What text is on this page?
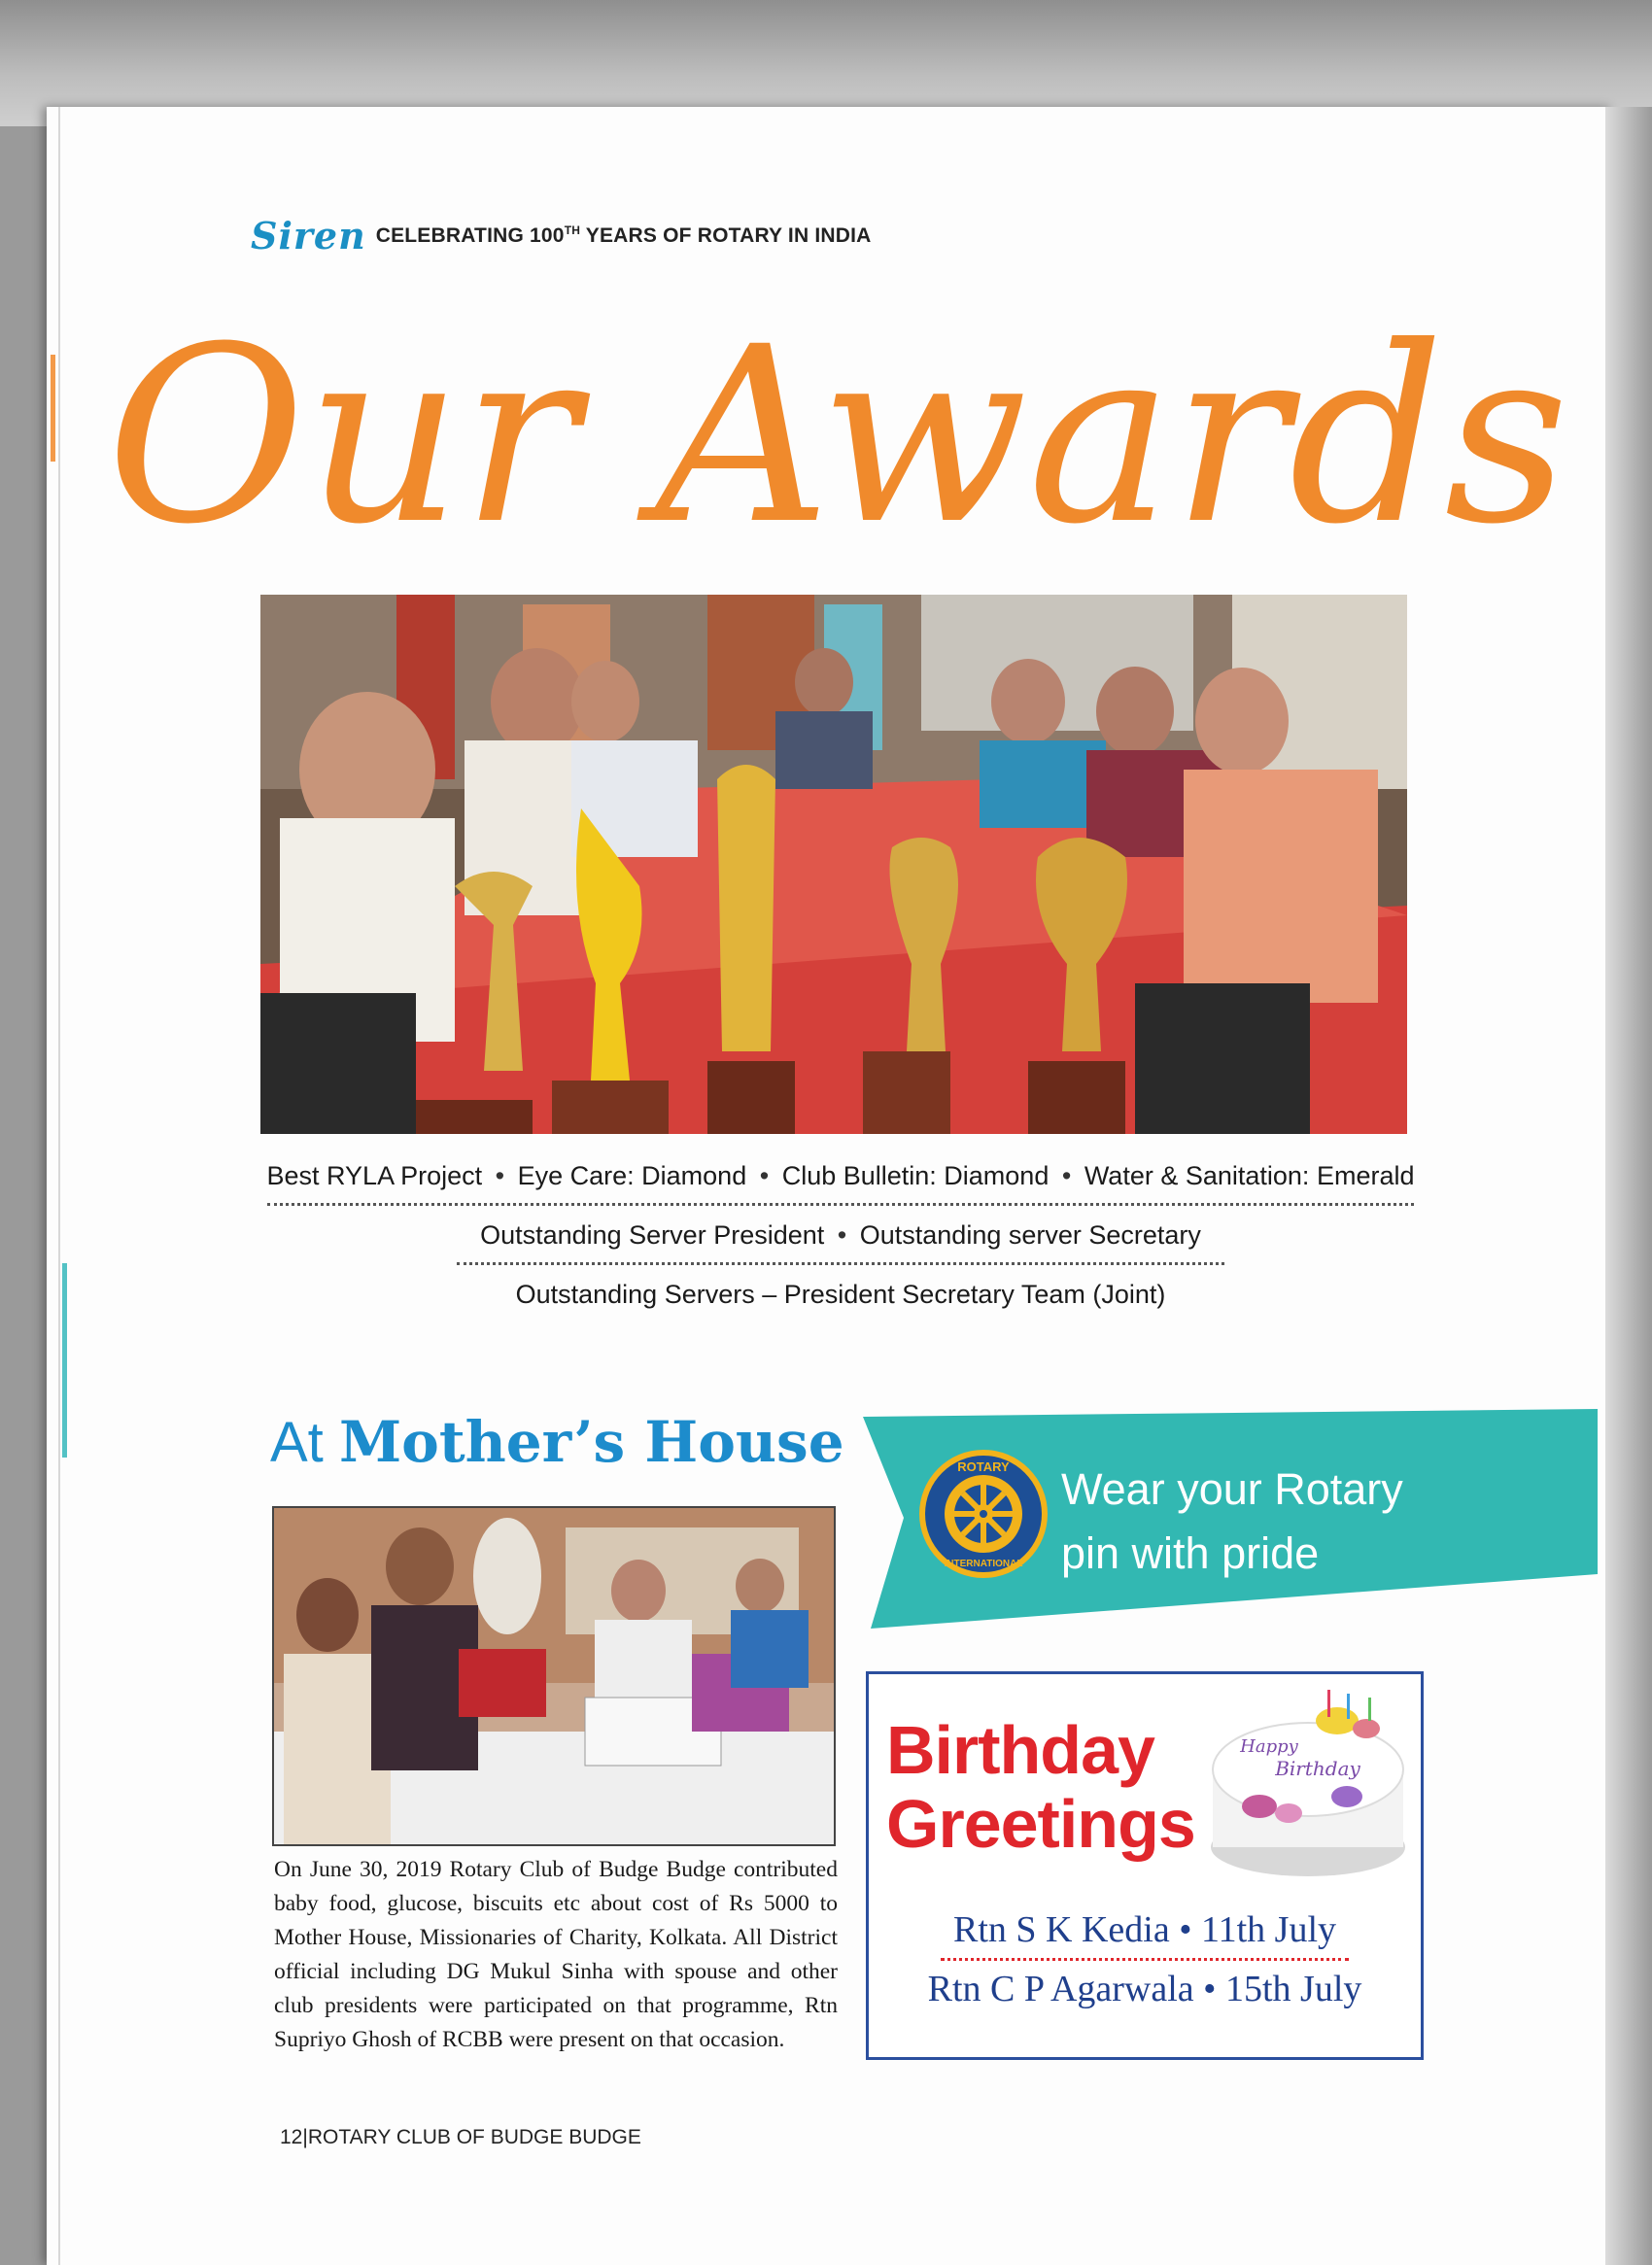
Siren CELEBRATING 100TH YEARS OF ROTARY IN INDIA
Our Awards
Best RYLA Project • Eye Care: Diamond • Club Bulletin: Diamond • Water & Sanitation: Emerald
Outstanding Server President • Outstanding server Secretary
Outstanding Servers – President Secretary Team (Joint)
At Mother’s House
On June 30, 2019 Rotary Club of Budge Budge contributed baby food, glucose, biscuits etc about cost of Rs 5000 to Mother House, Missionaries of Charity, Kolkata. All District official including DG Mukul Sinha with spouse and other club presidents were participated on that programme, Rtn Supriyo Ghosh of RCBB were present on that occasion.
ROTARY
INTERNATIONAL
Wear your Rotary
pin with pride
Birthday
Greetings
Happy
Birthday
Rtn S K Kedia • 11th July
Rtn C P Agarwala • 15th July
12|ROTARY CLUB OF BUDGE BUDGE
